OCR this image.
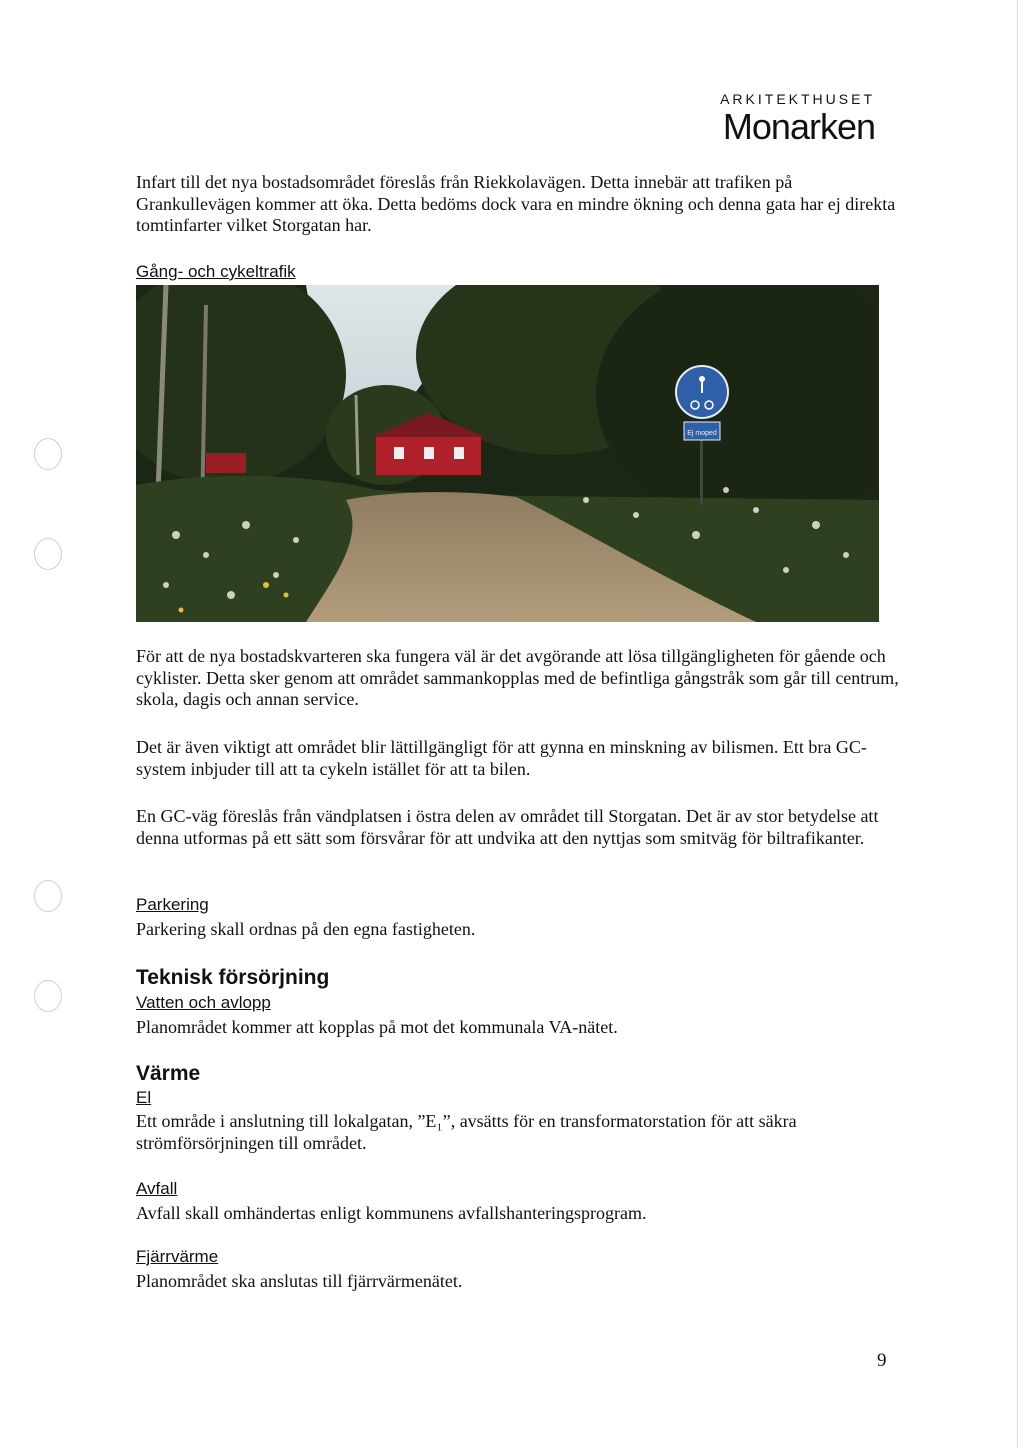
ARKITEKTHUSET
Monarken

Infart till det nya bostadsområdet föreslås från Riekkolavägen. Detta innebär att trafiken på Grankullevägen kommer att öka. Detta bedöms dock vara en mindre ökning och denna gata har ej direkta tomtinfarter vilket Storgatan har.

Gång- och cykeltrafik

Ej moped

För att de nya bostadskvarteren ska fungera väl är det avgörande att lösa tillgängligheten för gående och cyklister. Detta sker genom att området sammankopplas med de befintliga gångstråk som går till centrum, skola, dagis och annan service.

Det är även viktigt att området blir lättillgängligt för att gynna en minskning av bilismen. Ett bra GC- system inbjuder till att ta cykeln istället för att ta bilen.

En GC-väg föreslås från vändplatsen i östra delen av området till Storgatan. Det är av stor betydelse att denna utformas på ett sätt som försvårar för att undvika att den nyttjas som smitväg för biltrafikanter.

Parkering

Parkering skall ordnas på den egna fastigheten.

Teknisk försörjning

Vatten och avlopp

Planområdet kommer att kopplas på mot det kommunala VA-nätet.

Värme

El

Ett område i anslutning till lokalgatan, ”E₁”, avsätts för en transformatorstation för att säkra strömförsörjningen till området.

Avfall

Avfall skall omhändertas enligt kommunens avfallshanteringsprogram.

Fjärrvärme

Planområdet ska anslutas till fjärrvärmenätet.

9
